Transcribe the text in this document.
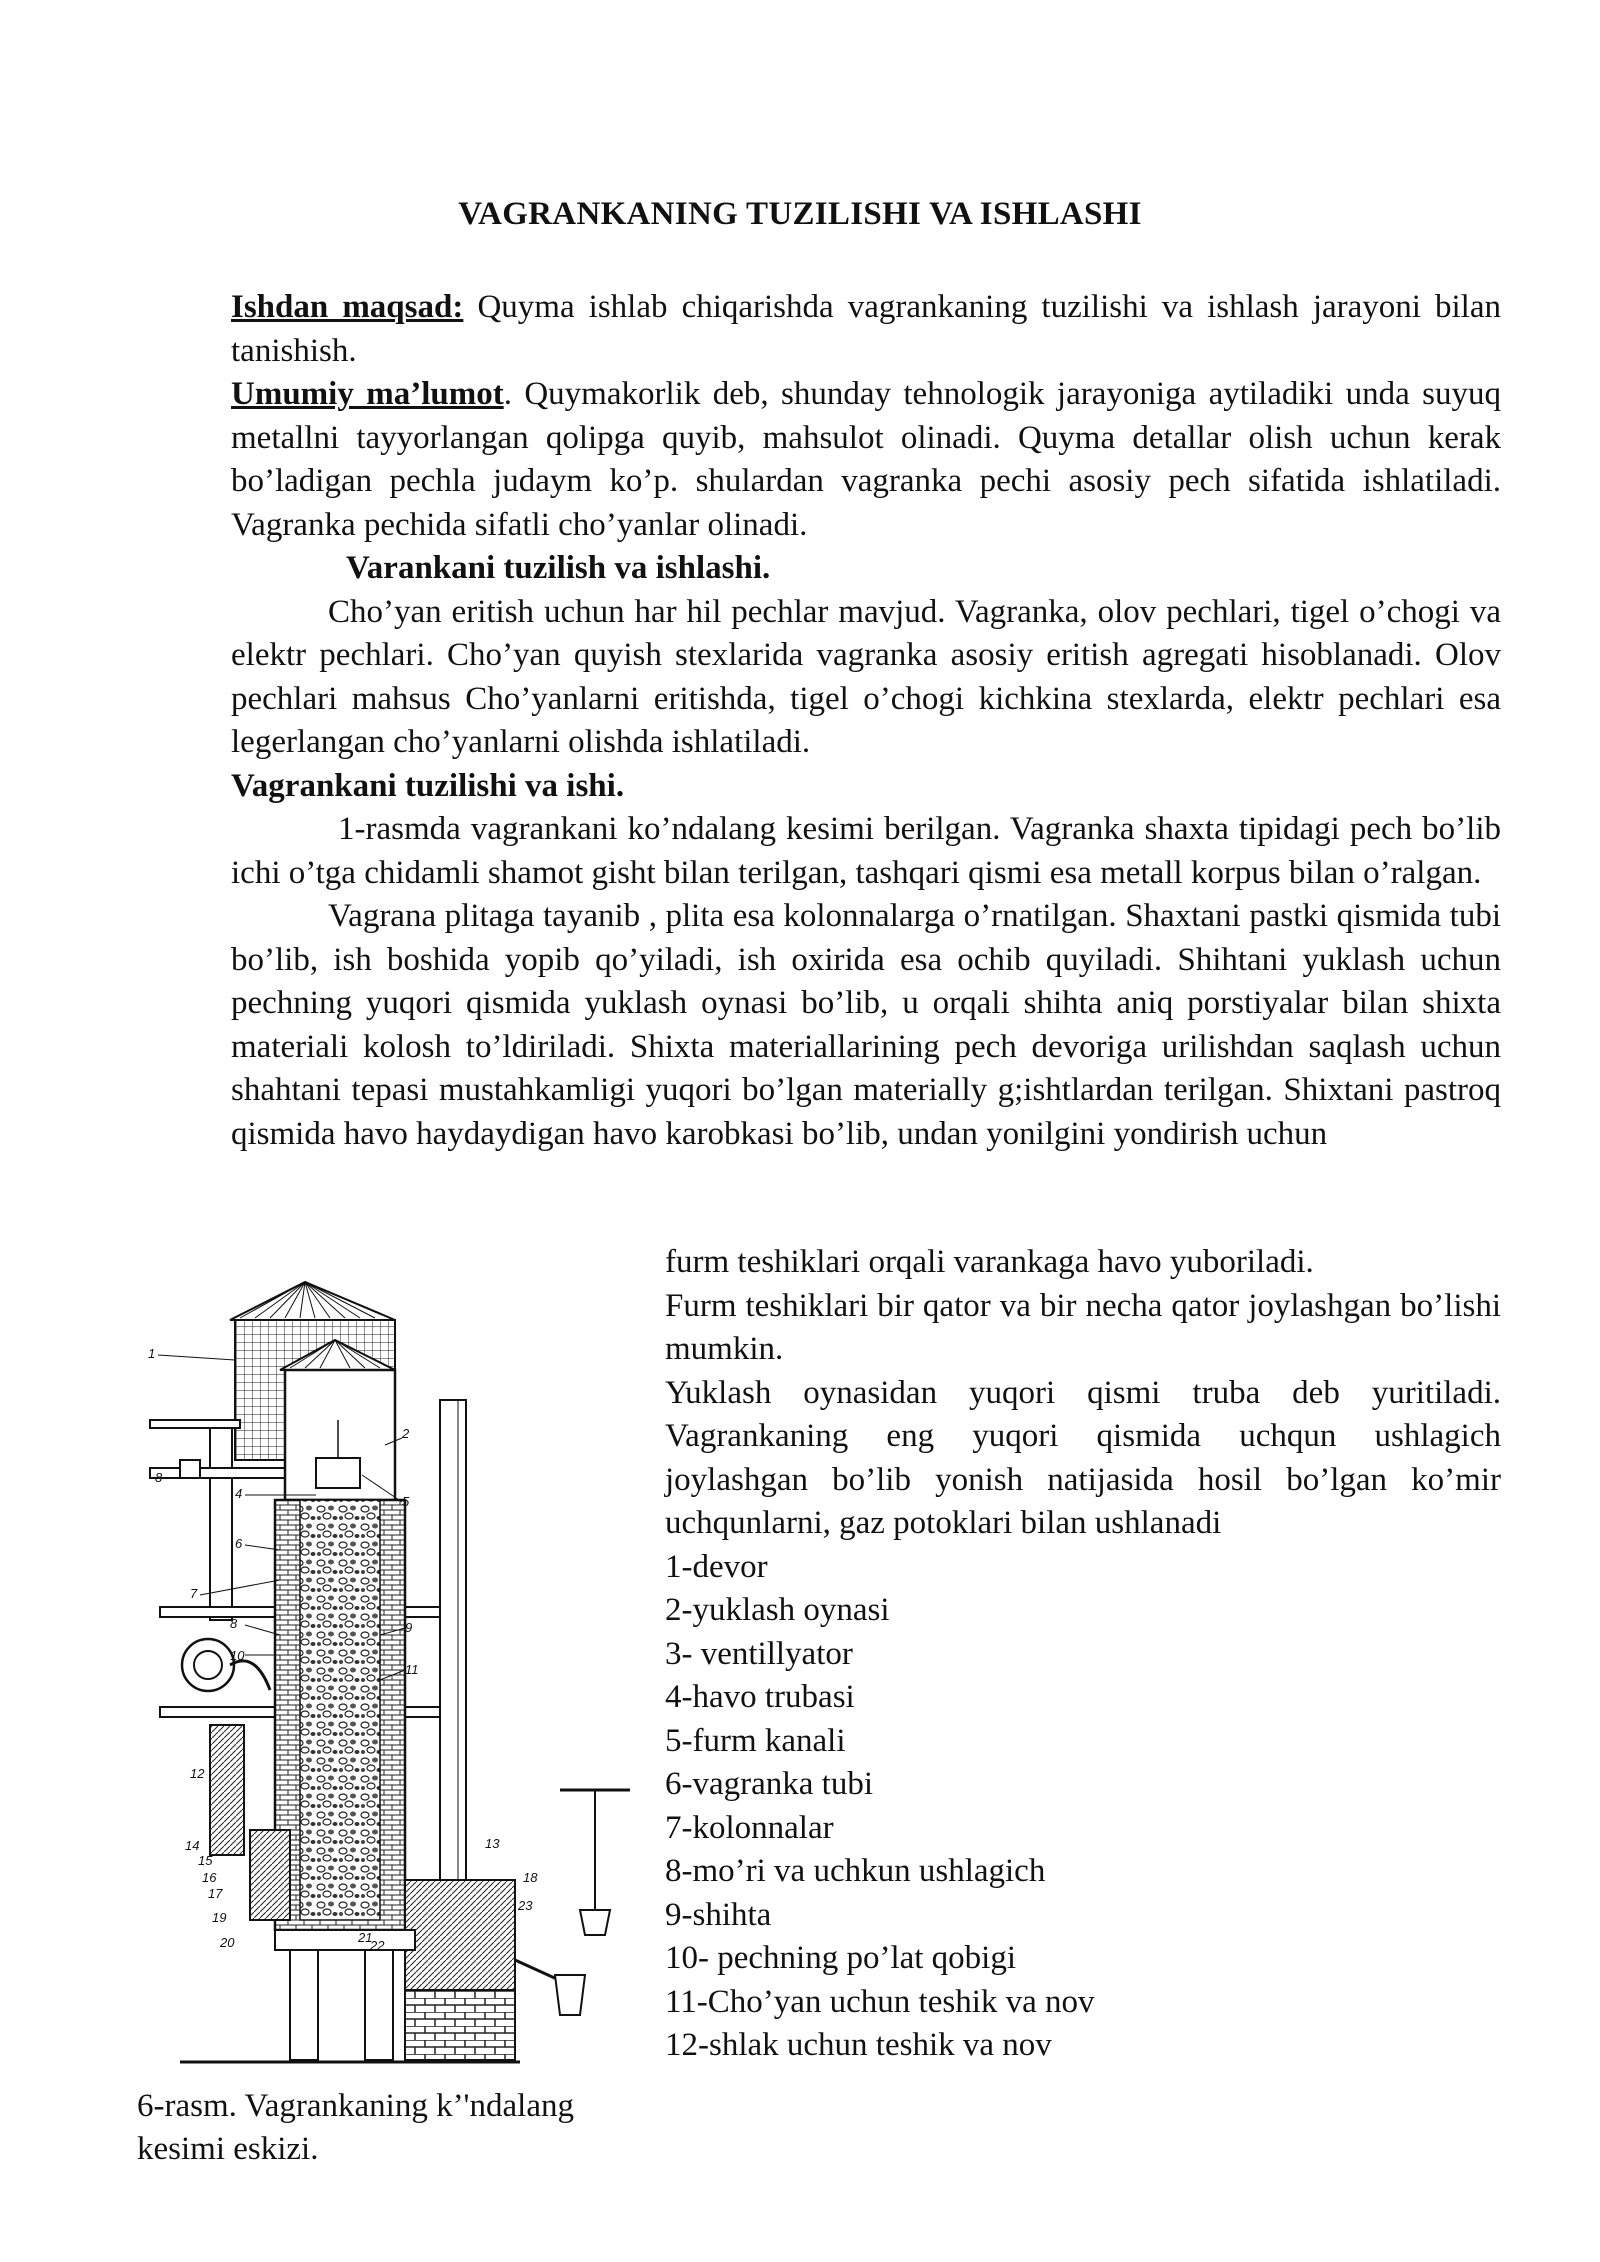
VAGRANKANING TUZILISHI VA ISHLASHI

Ishdan maqsad: Quyma ishlab chiqarishda vagrankaning tuzilishi va ishlash jarayoni bilan tanishish.

Umumiy ma’lumot. Quymakorlik deb, shunday tehnologik jarayoniga aytiladiki unda suyuq metallni tayyorlangan qolipga quyib, mahsulot olinadi. Quyma detallar olish uchun kerak bo’ladigan pechla judaym ko’p. shulardan vagranka pechi asosiy pech sifatida ishlatiladi. Vagranka pechida sifatli cho’yanlar olinadi.

Varankani tuzilish va ishlashi.

Cho’yan eritish uchun har hil pechlar mavjud. Vagranka, olov pechlari, tigel o’chogi va elektr pechlari. Cho’yan quyish stexlarida vagranka asosiy eritish agregati hisoblanadi. Olov pechlari mahsus Cho’yanlarni eritishda, tigel o’chogi kichkina stexlarda, elektr pechlari esa legerlangan cho’yanlarni olishda ishlatiladi.

Vagrankani tuzilishi va ishi.

1-rasmda vagrankani ko’ndalang kesimi berilgan. Vagranka shaxta tipidagi pech bo’lib ichi o’tga chidamli shamot gisht bilan terilgan, tashqari qismi esa metall korpus bilan o’ralgan.

Vagrana plitaga tayanib , plita esa kolonnalarga o’rnatilgan. Shaxtani pastki qismida tubi bo’lib, ish boshida yopib qo’yiladi, ish oxirida esa ochib quyiladi. Shihtani yuklash uchun pechning yuqori qismida yuklash oynasi bo’lib, u orqali shihta aniq porstiyalar bilan shixta materiali kolosh to’ldiriladi. Shixta materiallarining pech devoriga urilishdan saqlash uchun shahtani tepasi mustahkamligi yuqori bo’lgan materially g;ishtlardan terilgan. Shixtani pastroq qismida havo haydaydigan havo karobkasi bo’lib, undan yonilgini yondirish uchun

furm teshiklari orqali varankaga havo yuboriladi.

Furm teshiklari bir qator va bir necha qator joylashgan bo’lishi mumkin.

Yuklash oynasidan yuqori qismi truba deb yuritiladi. Vagrankaning eng yuqori qismida uchqun ushlagich joylashgan bo’lib yonish natijasida hosil bo’lgan ko’mir uchqunlarni, gaz potoklari bilan ushlanadi

1-devor
2-yuklash oynasi
3- ventillyator
4-havo trubasi
5-furm kanali
6-vagranka tubi
7-kolonnalar
8-mo’ri va uchkun ushlagich
9-shihta
10- pechning po’lat qobigi
11-Cho’yan uchun teshik va nov
12-shlak uchun teshik va nov
1
2
5
4
6
7
8
8
10
9
11
12
13
14
15
16
17
19
18
20	21
22
23
6-rasm. Vagrankaning k’'ndalang kesimi eskizi.
